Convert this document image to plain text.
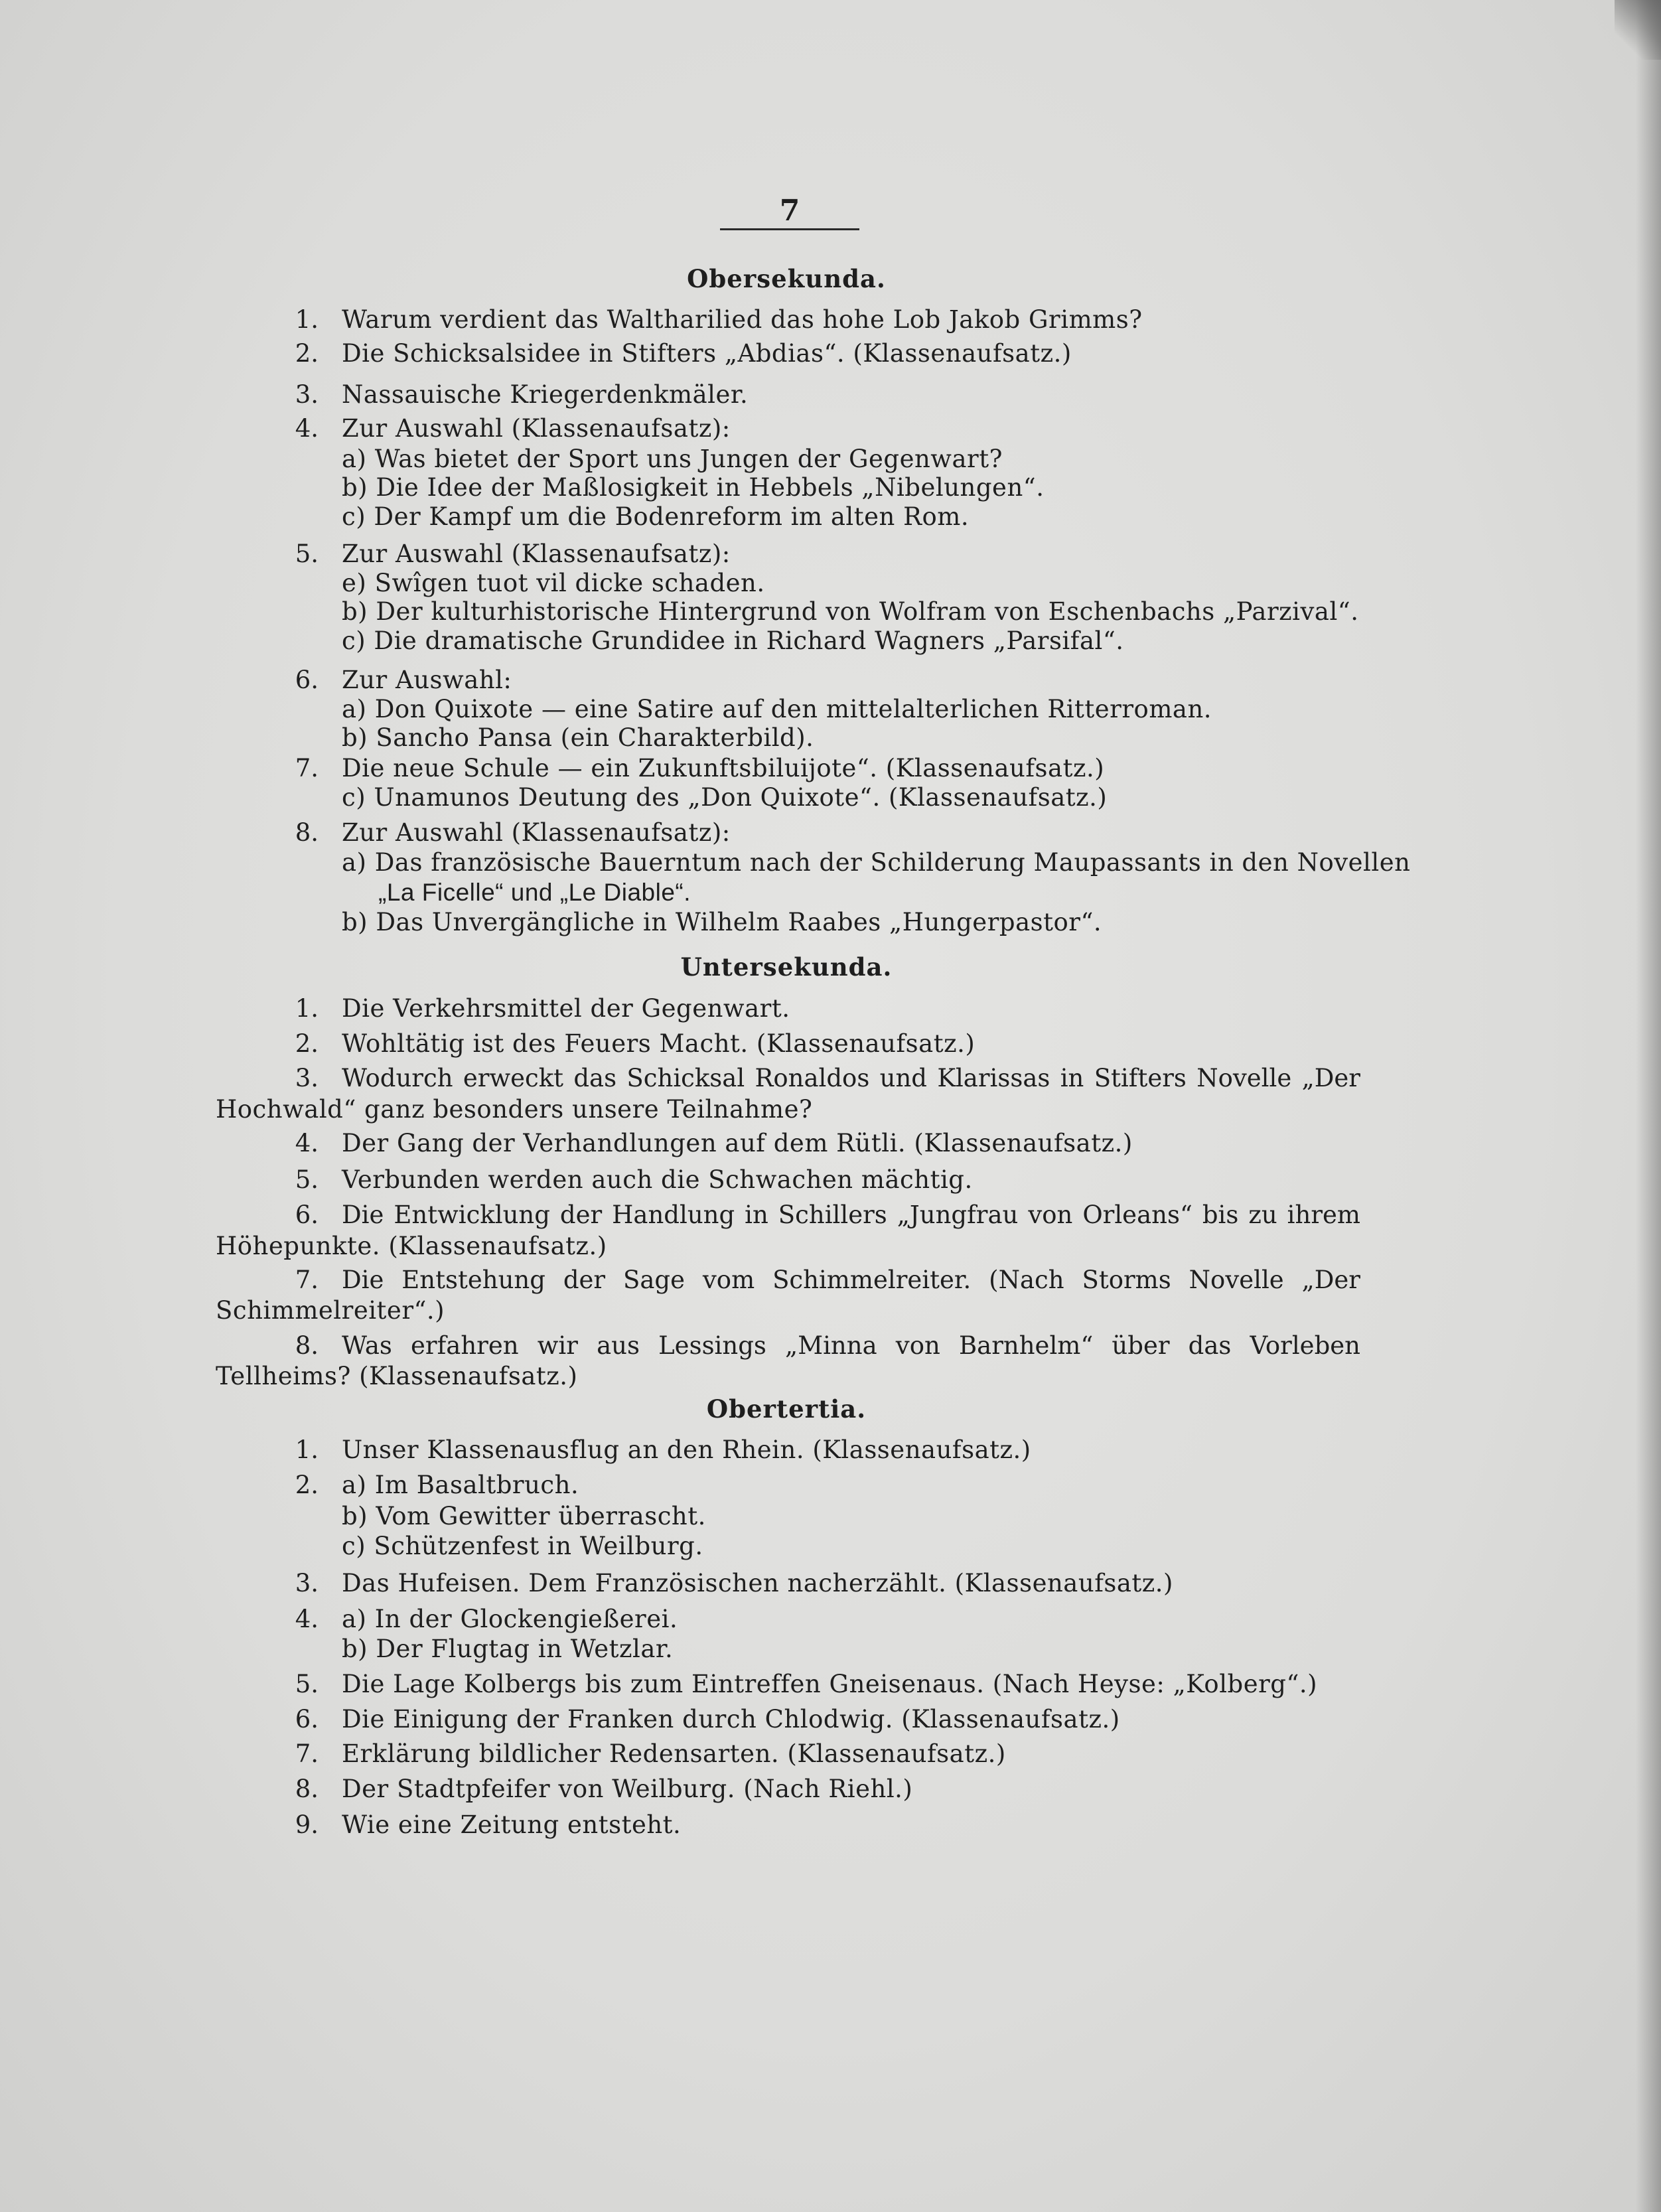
7
Obersekunda.
1. Warum verdient das Waltharilied das hohe Lob Jakob Grimms?
2. Die Schicksalsidee in Stifters „Abdias“. (Klassenaufsatz.)
3. Nassauische Kriegerdenkmäler.
4. Zur Auswahl (Klassenaufsatz):
a) Was bietet der Sport uns Jungen der Gegenwart?
b) Die Idee der Maßlosigkeit in Hebbels „Nibelungen“.
c) Der Kampf um die Bodenreform im alten Rom.
5. Zur Auswahl (Klassenaufsatz):
e) Swîgen tuot vil dicke schaden.
b) Der kulturhistorische Hintergrund von Wolfram von Eschenbachs „Parzival“.
c) Die dramatische Grundidee in Richard Wagners „Parsifal“.
6. Zur Auswahl:
a) Don Quixote — eine Satire auf den mittelalterlichen Ritterroman.
b) Sancho Pansa (ein Charakterbild).
7. Die neue Schule — ein Zukunftsbiluijote“. (Klassenaufsatz.)
c) Unamunos Deutung des „Don Quixote“. (Klassenaufsatz.)
8. Zur Auswahl (Klassenaufsatz):
a) Das französische Bauerntum nach der Schilderung Maupassants in den Novellen
„La Ficelle“ und „Le Diable“.
b) Das Unvergängliche in Wilhelm Raabes „Hungerpastor“.
Untersekunda.
1. Die Verkehrsmittel der Gegenwart.
2. Wohltätig ist des Feuers Macht. (Klassenaufsatz.)
3. Wodurch erweckt das Schicksal Ronaldos und Klarissas in Stifters Novelle „Der
Hochwald“ ganz besonders unsere Teilnahme?
4. Der Gang der Verhandlungen auf dem Rütli. (Klassenaufsatz.)
5. Verbunden werden auch die Schwachen mächtig.
6. Die Entwicklung der Handlung in Schillers „Jungfrau von Orleans“ bis zu ihrem
Höhepunkte. (Klassenaufsatz.)
7. Die Entstehung der Sage vom Schimmelreiter. (Nach Storms Novelle „Der
Schimmelreiter“.)
8. Was erfahren wir aus Lessings „Minna von Barnhelm“ über das Vorleben
Tellheims? (Klassenaufsatz.)
Obertertia.
1. Unser Klassenausflug an den Rhein. (Klassenaufsatz.)
2. a) Im Basaltbruch.
b) Vom Gewitter überrascht.
c) Schützenfest in Weilburg.
3. Das Hufeisen. Dem Französischen nacherzählt. (Klassenaufsatz.)
4. a) In der Glockengießerei.
b) Der Flugtag in Wetzlar.
5. Die Lage Kolbergs bis zum Eintreffen Gneisenaus. (Nach Heyse: „Kolberg“.)
6. Die Einigung der Franken durch Chlodwig. (Klassenaufsatz.)
7. Erklärung bildlicher Redensarten. (Klassenaufsatz.)
8. Der Stadtpfeifer von Weilburg. (Nach Riehl.)
9. Wie eine Zeitung entsteht.
